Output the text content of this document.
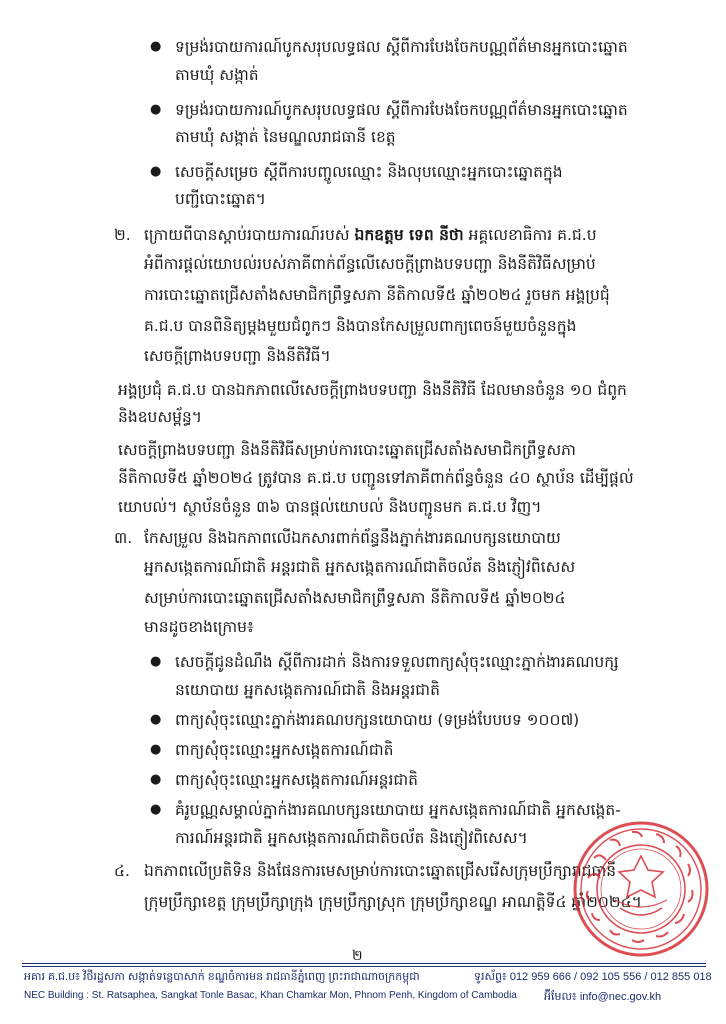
● ទម្រង់របាយការណ៍បូកសរុបលទ្ធផល ស្ដីពីការបែងចែកបណ្ណព័ត៌មានអ្នកបោះឆ្នោត
តាមឃុំ សង្កាត់
● ទម្រង់របាយការណ៍បូកសរុបលទ្ធផល ស្ដីពីការបែងចែកបណ្ណព័ត៌មានអ្នកបោះឆ្នោត
តាមឃុំ សង្កាត់ នៃមណ្ឌលរាជធានី ខេត្ត
● សេចក្ដីសម្រេច ស្ដីពីការបញ្ចូលឈ្មោះ និងលុបឈ្មោះអ្នកបោះឆ្នោតក្នុង
បញ្ជីបោះឆ្នោត។
២. ក្រោយពីបានស្ដាប់របាយការណ៍របស់ ឯកឧត្ដម ទេព នីថា អគ្គលេខាធិការ គ.ជ.ប
អំពីការផ្ដល់យោបល់របស់ភាគីពាក់ព័ន្ធលើសេចក្ដីព្រាងបទបញ្ជា និងនីតិវិធីសម្រាប់
ការបោះឆ្នោតជ្រើសតាំងសមាជិកព្រឹទ្ធសភា នីតិកាលទី៥ ឆ្នាំ២០២៤ រួចមក អង្គប្រជុំ
គ.ជ.ប បានពិនិត្យម្ដងមួយជំពូកៗ និងបានកែសម្រួលពាក្យពេចន៍មួយចំនួនក្នុង
សេចក្ដីព្រាងបទបញ្ជា និងនីតិវិធី។
អង្គប្រជុំ គ.ជ.ប បានឯកភាពលើសេចក្ដីព្រាងបទបញ្ជា និងនីតិវិធី ដែលមានចំនួន ១០ ជំពូក
និងឧបសម្ព័ន្ធ។
សេចក្ដីព្រាងបទបញ្ជា និងនីតិវិធីសម្រាប់ការបោះឆ្នោតជ្រើសតាំងសមាជិកព្រឹទ្ធសភា
នីតិកាលទី៥ ឆ្នាំ២០២៤ ត្រូវបាន គ.ជ.ប បញ្ជូនទៅភាគីពាក់ព័ន្ធចំនួន ៤០ ស្ថាប័ន ដើម្បីផ្ដល់
យោបល់។ ស្ថាប័នចំនួន ៣៦ បានផ្ដល់យោបល់ និងបញ្ជូនមក គ.ជ.ប វិញ។
៣. កែសម្រួល និងឯកភាពលើឯកសារពាក់ព័ន្ធនឹងភ្នាក់ងារគណបក្សនយោបាយ
អ្នកសង្កេតការណ៍ជាតិ អន្តរជាតិ អ្នកសង្កេតការណ៍ជាតិចល័ត និងភ្ញៀវពិសេស
សម្រាប់ការបោះឆ្នោតជ្រើសតាំងសមាជិកព្រឹទ្ធសភា នីតិកាលទី៥ ឆ្នាំ២០២៤
មានដូចខាងក្រោម៖
● សេចក្ដីជូនដំណឹង ស្ដីពីការដាក់ និងការទទួលពាក្យសុំចុះឈ្មោះភ្នាក់ងារគណបក្ស
នយោបាយ អ្នកសង្កេតការណ៍ជាតិ និងអន្តរជាតិ
● ពាក្យសុំចុះឈ្មោះភ្នាក់ងារគណបក្សនយោបាយ (ទម្រង់បែបបទ ១០០៧)
● ពាក្យសុំចុះឈ្មោះអ្នកសង្កេតការណ៍ជាតិ
● ពាក្យសុំចុះឈ្មោះអ្នកសង្កេតការណ៍អន្តរជាតិ
● គំរូបណ្ណសម្គាល់ភ្នាក់ងារគណបក្សនយោបាយ អ្នកសង្កេតការណ៍ជាតិ អ្នកសង្កេត-
ការណ៍អន្តរជាតិ អ្នកសង្កេតការណ៍ជាតិចល័ត និងភ្ញៀវពិសេស។
៤. ឯកភាពលើប្រតិទិន និងផែនការមេសម្រាប់ការបោះឆ្នោតជ្រើសរើសក្រុមប្រឹក្សារាជធានី
ក្រុមប្រឹក្សាខេត្ត ក្រុមប្រឹក្សាក្រុង ក្រុមប្រឹក្សាស្រុក ក្រុមប្រឹក្សាខណ្ឌ អាណត្តិទី៤ ឆ្នាំ២០២៤។
២
អគារ គ.ជ.ប៖ វិថីរដ្ឋសភា សង្កាត់ទន្លេបាសាក់ ខណ្ឌចំការមន រាជធានីភ្នំពេញ ព្រះរាជាណាចក្រកម្ពុជា	ទូរស័ព្ទ៖ 012 959 666 / 092 105 556 / 012 855 018
NEC Building : St. Ratsaphea, Sangkat Tonle Basac, Khan Chamkar Mon, Phnom Penh, Kingdom of Cambodia អ៊ីមែល៖ info@nec.gov.kh
